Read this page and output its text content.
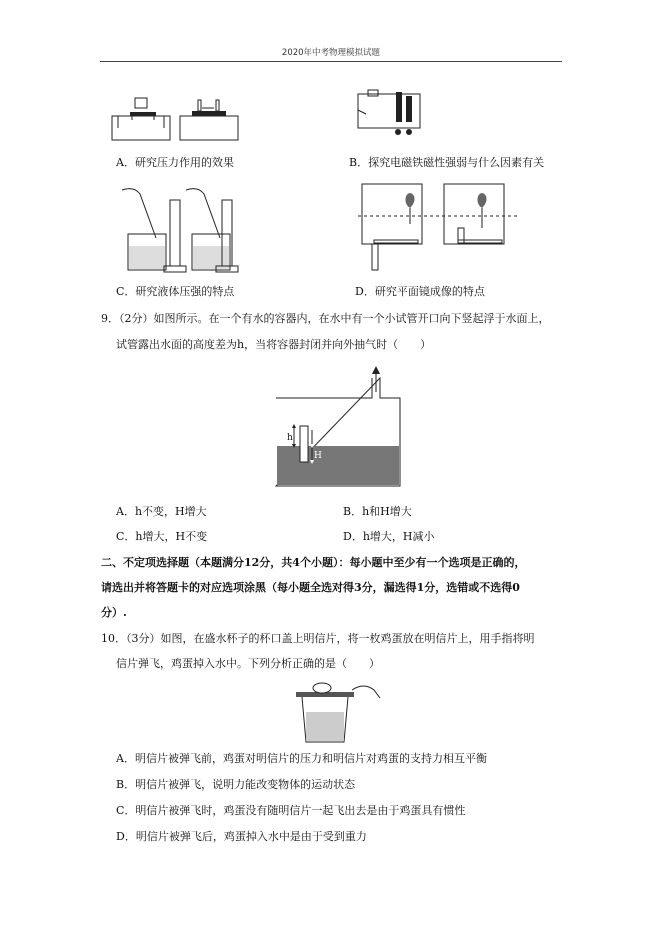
2020年中考物理模拟试题
A．研究压力作用的效果	B．探究电磁铁磁性强弱与什么因素有关
C．研究液体压强的特点	D．研究平面镜成像的特点
9．（2分）如图所示。在一个有水的容器内，在水中有一个小试管开口向下竖起浮于水面上，
试管露出水面的高度差为h，当将容器封闭并向外抽气时（　　）
h
H
A．h不变，H增大	B．h和H增大
C．h增大，H不变	D．h增大，H减小
二、不定项选择题（本题满分12分，共4个小题）：每小题中至少有一个选项是正确的，
请选出并将答题卡的对应选项涂黑（每小题全选对得3分，漏选得1分，选错或不选得0
分）.
10．（3分）如图，在盛水杯子的杯口盖上明信片，将一枚鸡蛋放在明信片上，用手指将明
信片弹飞，鸡蛋掉入水中。下列分析正确的是（　　）
A．明信片被弹飞前，鸡蛋对明信片的压力和明信片对鸡蛋的支持力相互平衡
B．明信片被弹飞，说明力能改变物体的运动状态
C．明信片被弹飞时，鸡蛋没有随明信片一起飞出去是由于鸡蛋具有惯性
D．明信片被弹飞后，鸡蛋掉入水中是由于受到重力
